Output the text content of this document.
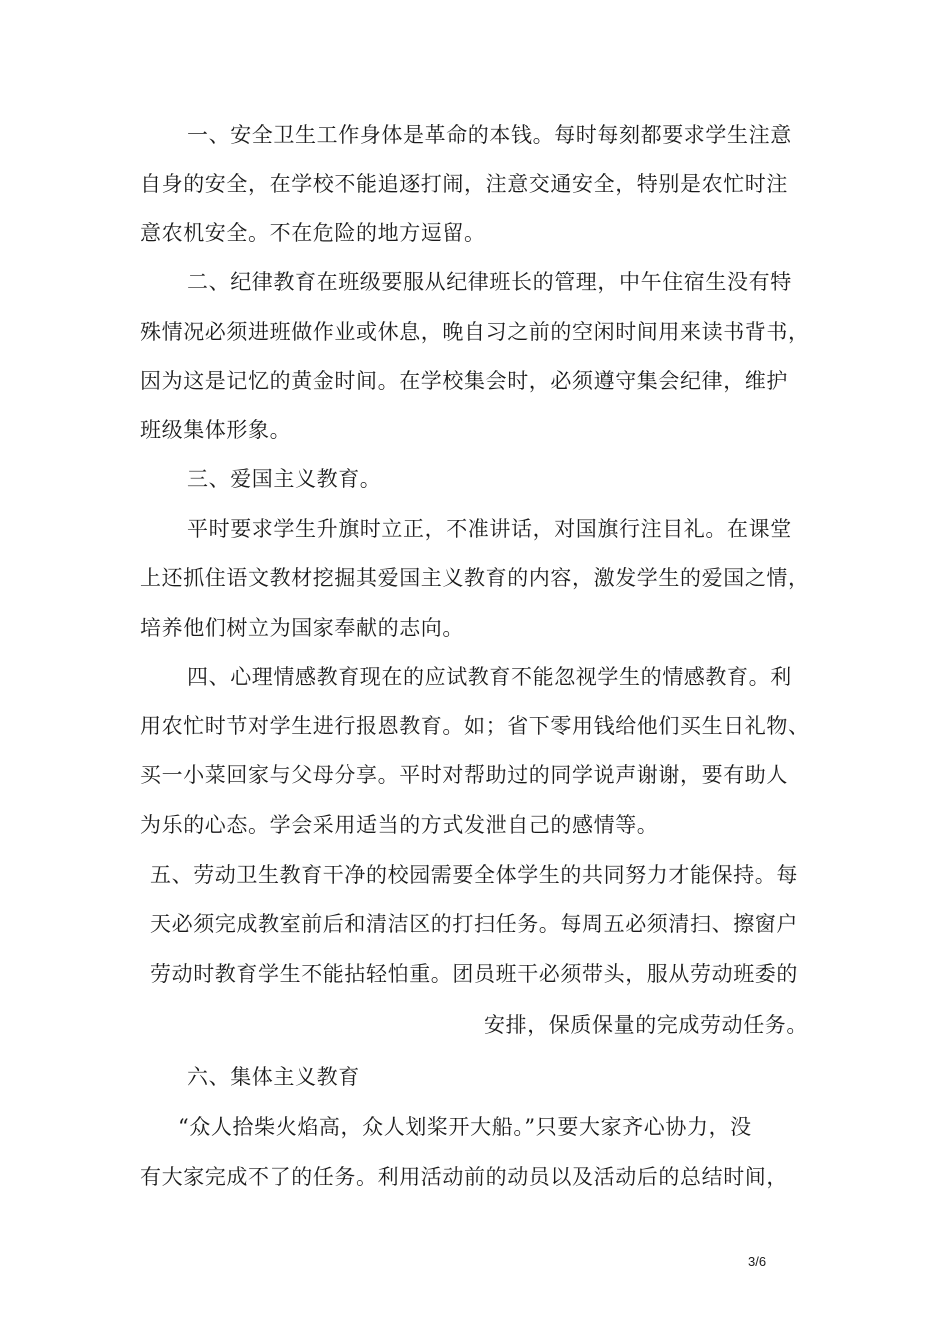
一、安全卫生工作身体是革命的本钱。每时每刻都要求学生注意
自身的安全，在学校不能追逐打闹，注意交通安全，特别是农忙时注
意农机安全。不在危险的地方逗留。
二、纪律教育在班级要服从纪律班长的管理，中午住宿生没有特
殊情况必须进班做作业或休息，晚自习之前的空闲时间用来读书背书，
因为这是记忆的黄金时间。在学校集会时，必须遵守集会纪律，维护
班级集体形象。
三、爱国主义教育。
平时要求学生升旗时立正，不准讲话，对国旗行注目礼。在课堂
上还抓住语文教材挖掘其爱国主义教育的内容，激发学生的爱国之情，
培养他们树立为国家奉献的志向。
四、心理情感教育现在的应试教育不能忽视学生的情感教育。利
用农忙时节对学生进行报恩教育。如；省下零用钱给他们买生日礼物、
买一小菜回家与父母分享。平时对帮助过的同学说声谢谢，要有助人
为乐的心态。学会采用适当的方式发泄自己的感情等。
五、劳动卫生教育干净的校园需要全体学生的共同努力才能保持。每
天必须完成教室前后和清洁区的打扫任务。每周五必须清扫、擦窗户
劳动时教育学生不能拈轻怕重。团员班干必须带头，服从劳动班委的
安排，保质保量的完成劳动任务。
六、集体主义教育
“众人拾柴火焰高，众人划桨开大船。”只要大家齐心协力，没
有大家完成不了的任务。利用活动前的动员以及活动后的总结时间，
3/6
